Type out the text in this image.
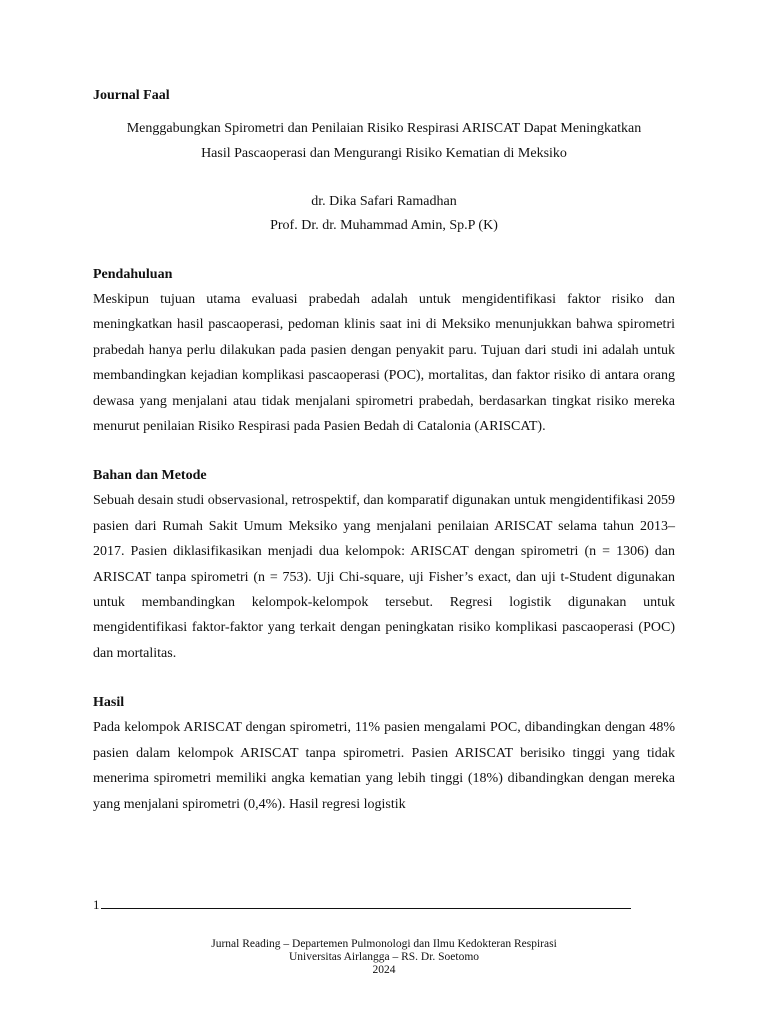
Journal Faal
Menggabungkan Spirometri dan Penilaian Risiko Respirasi ARISCAT Dapat Meningkatkan
Hasil Pascaoperasi dan Mengurangi Risiko Kematian di Meksiko
dr. Dika Safari Ramadhan
Prof. Dr. dr. Muhammad Amin, Sp.P (K)
Pendahuluan
Meskipun tujuan utama evaluasi prabedah adalah untuk mengidentifikasi faktor risiko dan meningkatkan hasil pascaoperasi, pedoman klinis saat ini di Meksiko menunjukkan bahwa spirometri prabedah hanya perlu dilakukan pada pasien dengan penyakit paru. Tujuan dari studi ini adalah untuk membandingkan kejadian komplikasi pascaoperasi (POC), mortalitas, dan faktor risiko di antara orang dewasa yang menjalani atau tidak menjalani spirometri prabedah, berdasarkan tingkat risiko mereka menurut penilaian Risiko Respirasi pada Pasien Bedah di Catalonia (ARISCAT).
Bahan dan Metode
Sebuah desain studi observasional, retrospektif, dan komparatif digunakan untuk mengidentifikasi 2059 pasien dari Rumah Sakit Umum Meksiko yang menjalani penilaian ARISCAT selama tahun 2013–2017. Pasien diklasifikasikan menjadi dua kelompok: ARISCAT dengan spirometri (n = 1306) dan ARISCAT tanpa spirometri (n = 753). Uji Chi-square, uji Fisher’s exact, dan uji t-Student digunakan untuk membandingkan kelompok-kelompok tersebut. Regresi logistik digunakan untuk mengidentifikasi faktor-faktor yang terkait dengan peningkatan risiko komplikasi pascaoperasi (POC) dan mortalitas.
Hasil
Pada kelompok ARISCAT dengan spirometri, 11% pasien mengalami POC, dibandingkan dengan 48% pasien dalam kelompok ARISCAT tanpa spirometri. Pasien ARISCAT berisiko tinggi yang tidak menerima spirometri memiliki angka kematian yang lebih tinggi (18%) dibandingkan dengan mereka yang menjalani spirometri (0,4%). Hasil regresi logistik
1
Jurnal Reading – Departemen Pulmonologi dan Ilmu Kedokteran Respirasi
Universitas Airlangga – RS. Dr. Soetomo
2024
